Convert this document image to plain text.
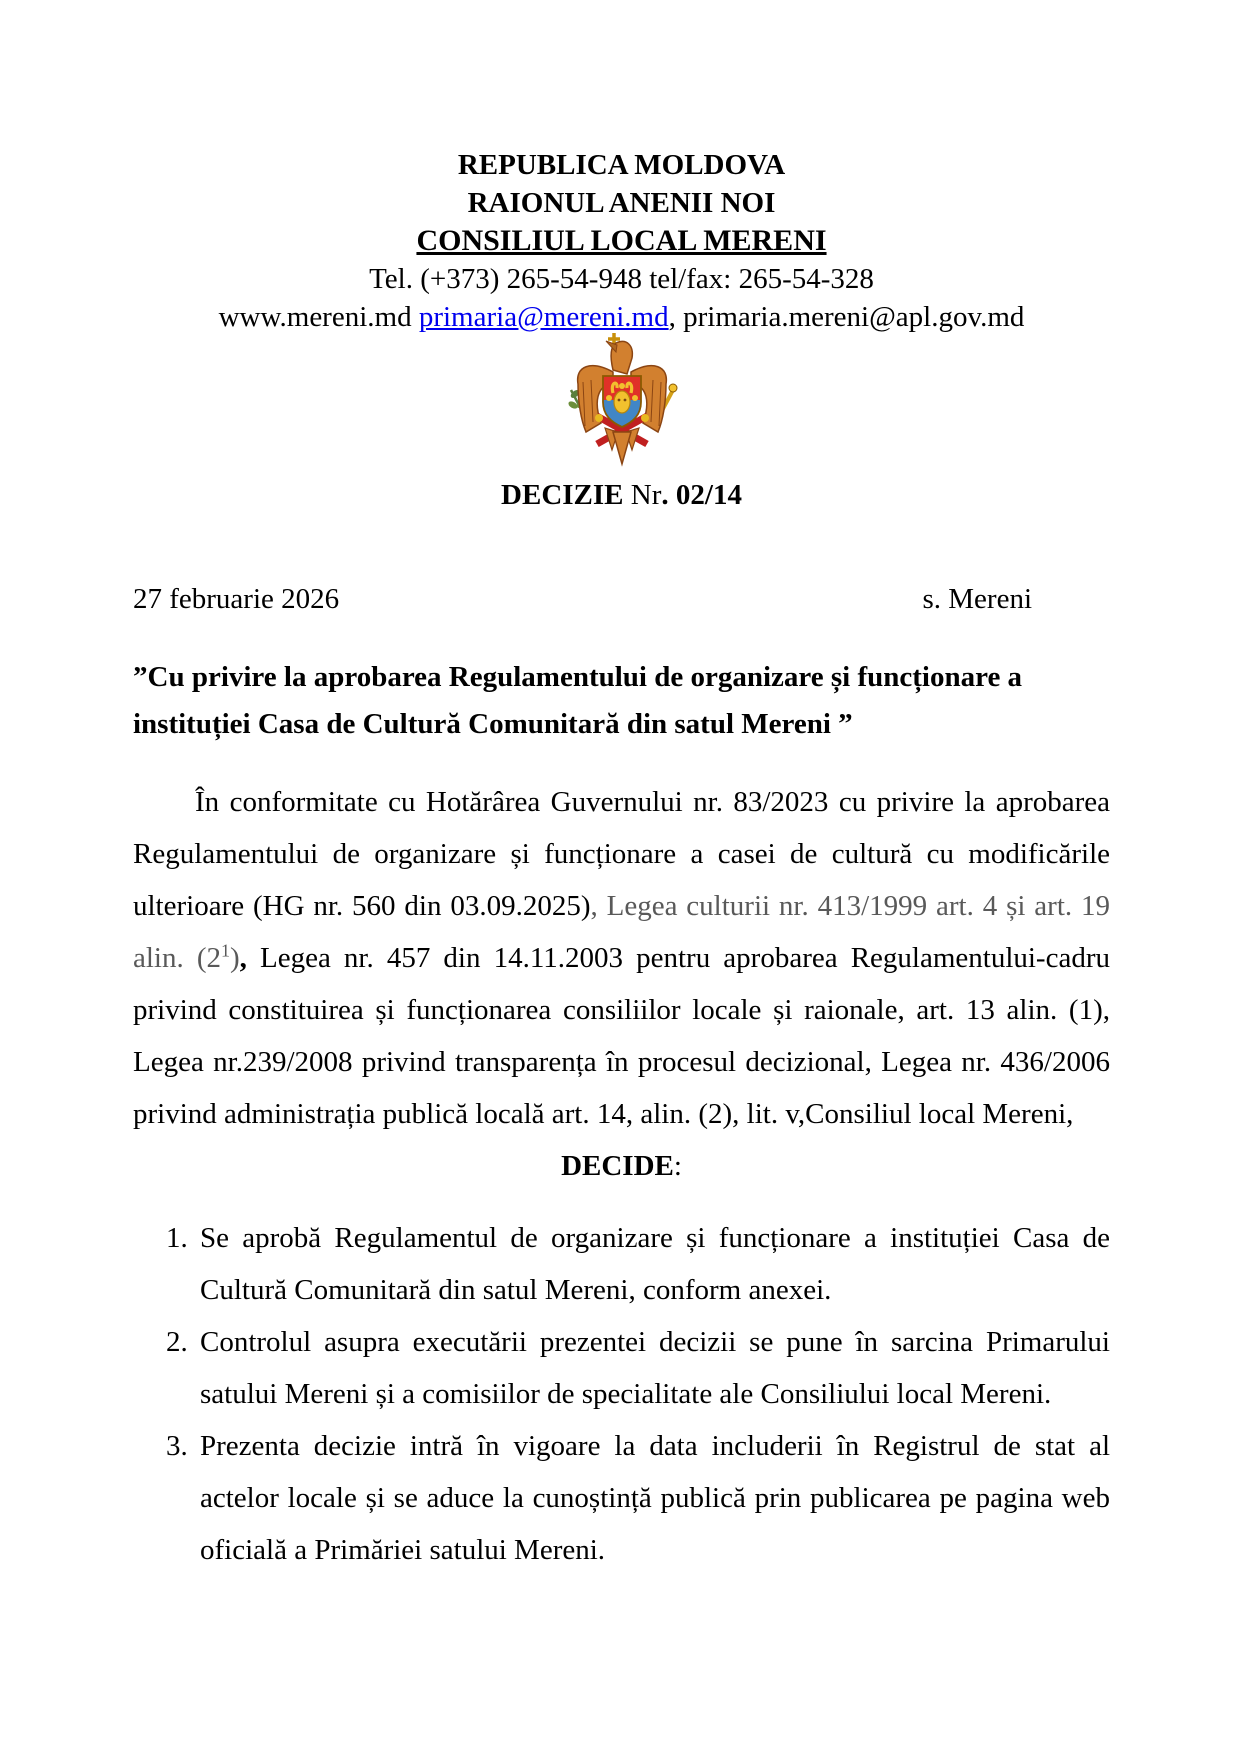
REPUBLICA MOLDOVA
RAIONUL ANENII NOI
CONSILIUL LOCAL MERENI
Tel. (+373) 265-54-948 tel/fax: 265-54-328
www.mereni.md primaria@mereni.md, primaria.mereni@apl.gov.md
DECIZIE Nr. 02/14
27 februarie 2026	s. Mereni
”Cu privire la aprobarea Regulamentului de organizare și funcționare a instituției Casa de Cultură Comunitară din satul Mereni ”

În conformitate cu Hotărârea Guvernului nr. 83/2023 cu privire la aprobarea Regulamentului de organizare și funcționare a casei de cultură cu modificările ulterioare (HG nr. 560 din 03.09.2025), Legea culturii nr. 413/1999 art. 4 și art. 19 alin. $(2^1)$, Legea nr. 457 din 14.11.2003 pentru aprobarea Regulamentului-cadru privind constituirea și funcționarea consiliilor locale și raionale, art. 13 alin. (1), Legea nr.239/2008 privind transparența în procesul decizional, Legea nr. 436/2006 privind administrația publică locală art. 14, alin. (2), lit. v,Consiliul local Mereni,

DECIDE:
1. Se aprobă Regulamentul de organizare și funcționare a instituției Casa de Cultură Comunitară din satul Mereni, conform anexei.
2. Controlul asupra executării prezentei decizii se pune în sarcina Primarului satului Mereni și a comisiilor de specialitate ale Consiliului local Mereni.
3. Prezenta decizie intră în vigoare la data includerii în Registrul de stat al actelor locale și se aduce la cunoștință publică prin publicarea pe pagina web oficială a Primăriei satului Mereni.
